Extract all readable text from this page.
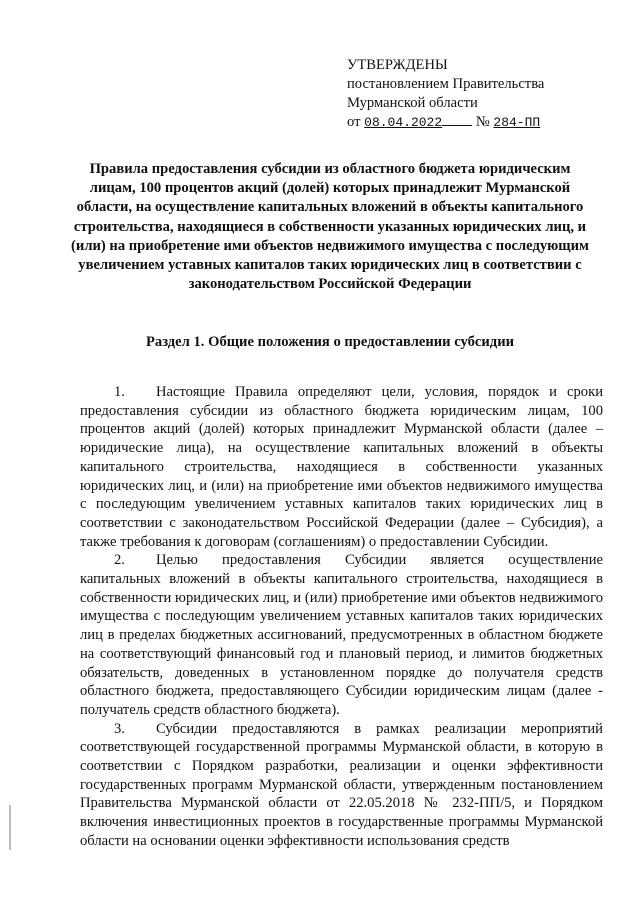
УТВЕРЖДЕНЫ
постановлением Правительства
Мурманской области
от 08.04.2022 № 284-ПП
Правила предоставления субсидии из областного бюджета юридическим лицам, 100 процентов акций (долей) которых принадлежит Мурманской области, на осуществление капитальных вложений в объекты капитального строительства, находящиеся в собственности указанных юридических лиц, и (или) на приобретение ими объектов недвижимого имущества с последующим увеличением уставных капиталов таких юридических лиц в соответствии с законодательством Российской Федерации
Раздел 1. Общие положения о предоставлении субсидии

1. Настоящие Правила определяют цели, условия, порядок и сроки предоставления субсидии из областного бюджета юридическим лицам, 100 процентов акций (долей) которых принадлежит Мурманской области (далее – юридические лица), на осуществление капитальных вложений в объекты капитального строительства, находящиеся в собственности указанных юридических лиц, и (или) на приобретение ими объектов недвижимого имущества с последующим увеличением уставных капиталов таких юридических лиц в соответствии с законодательством Российской Федерации (далее – Субсидия), а также требования к договорам (соглашениям) о предоставлении Субсидии.

2. Целью предоставления Субсидии является осуществление капитальных вложений в объекты капитального строительства, находящиеся в собственности юридических лиц, и (или) приобретение ими объектов недвижимого имущества с последующим увеличением уставных капиталов таких юридических лиц в пределах бюджетных ассигнований, предусмотренных в областном бюджете на соответствующий финансовый год и плановый период, и лимитов бюджетных обязательств, доведенных в установленном порядке до получателя средств областного бюджета, предоставляющего Субсидии юридическим лицам (далее - получатель средств областного бюджета).

3. Субсидии предоставляются в рамках реализации мероприятий соответствующей государственной программы Мурманской области, в которую в соответствии с Порядком разработки, реализации и оценки эффективности государственных программ Мурманской области, утвержденным постановлением Правительства Мурманской области от 22.05.2018 № 232-ПП/5, и Порядком включения инвестиционных проектов в государственные программы Мурманской области на основании оценки эффективности использования средств
